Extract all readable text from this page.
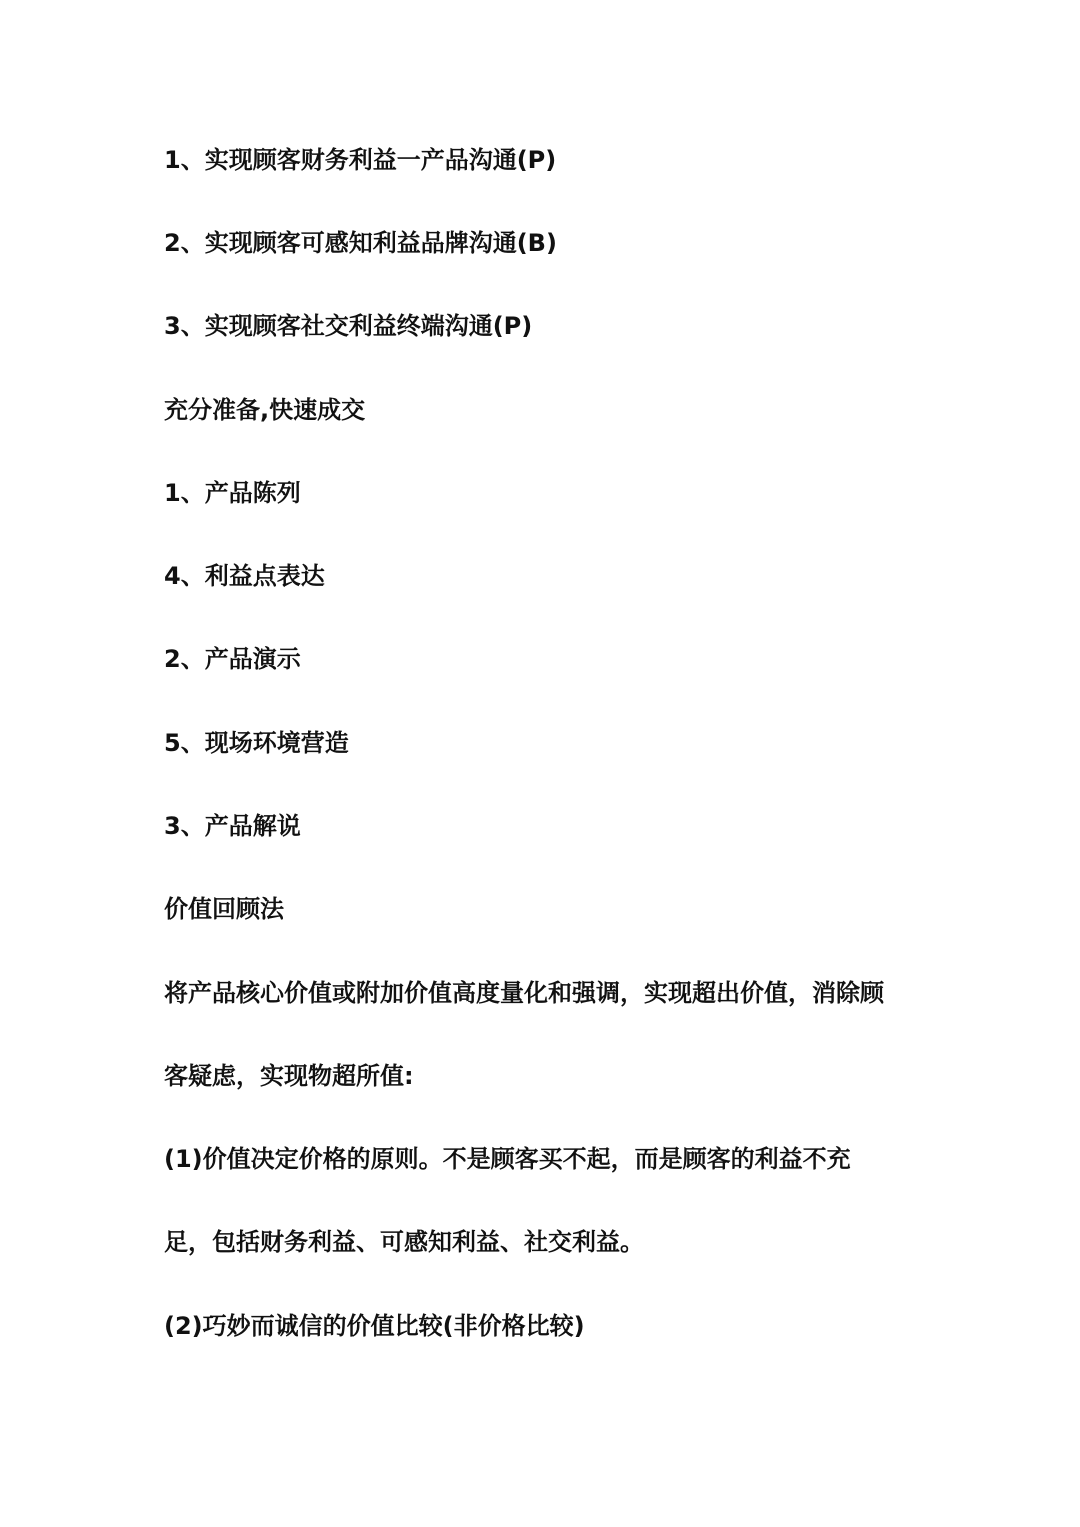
1、实现顾客财务利益一产品沟通(P)

2、实现顾客可感知利益品牌沟通(B)

3、实现顾客社交利益终端沟通(P)

充分准备,快速成交

1、产品陈列

4、利益点表达

2、产品演示

5、现场环境营造

3、产品解说

价值回顾法

将产品核心价值或附加价值高度量化和强调，实现超出价值，消除顾

客疑虑，实现物超所值:

(1)价值决定价格的原则。不是顾客买不起，而是顾客的利益不充

足，包括财务利益、可感知利益、社交利益。

(2)巧妙而诚信的价值比较(非价格比较)
